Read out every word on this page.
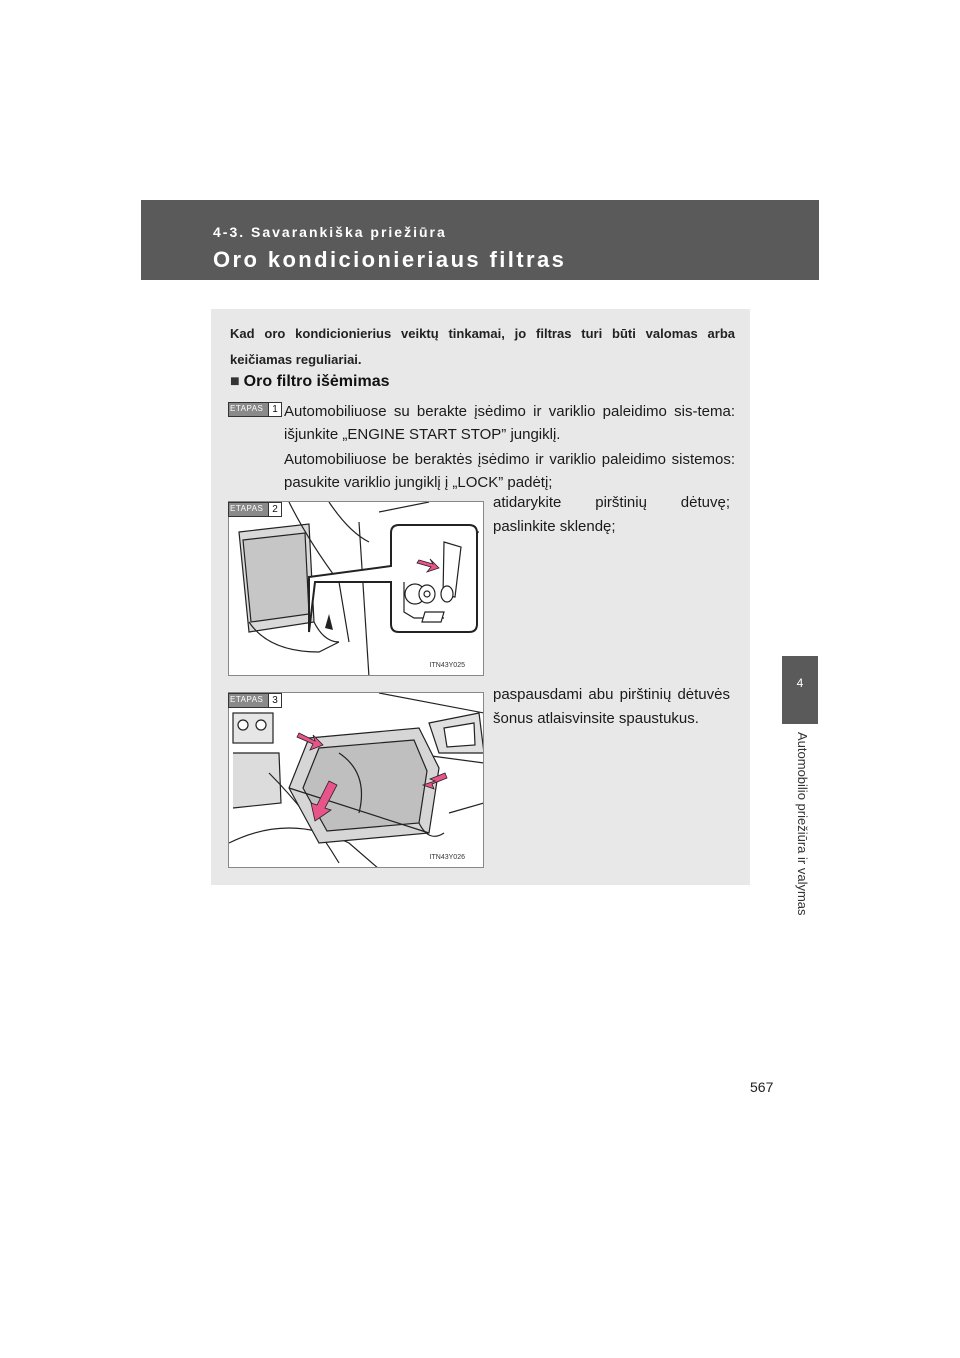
4-3. Savarankiška priežiūra
Oro kondicionieriaus filtras
4
Automobilio priežiūra ir valymas
Kad oro kondicionierius veiktų tinkamai, jo filtras turi būti valomas arba keičiamas reguliariai.
■ Oro filtro išėmimas
ETAPAS 1 Automobiliuose su berakte įsėdimo ir variklio paleidimo sis-tema: išjunkite „ENGINE START STOP” jungiklį.

Automobiliuose be beraktės įsėdimo ir variklio paleidimo sistemos: pasukite variklio jungiklį į „LOCK” padėtį;

ITN43Y025
ETAPAS 2	atidarykite pirštinių dėtuvę; paslinkite sklendę;
ITN43Y026
ETAPAS 3	paspausdami abu pirštinių dėtuvės šonus atlaisvinsite spaustukus.
567
